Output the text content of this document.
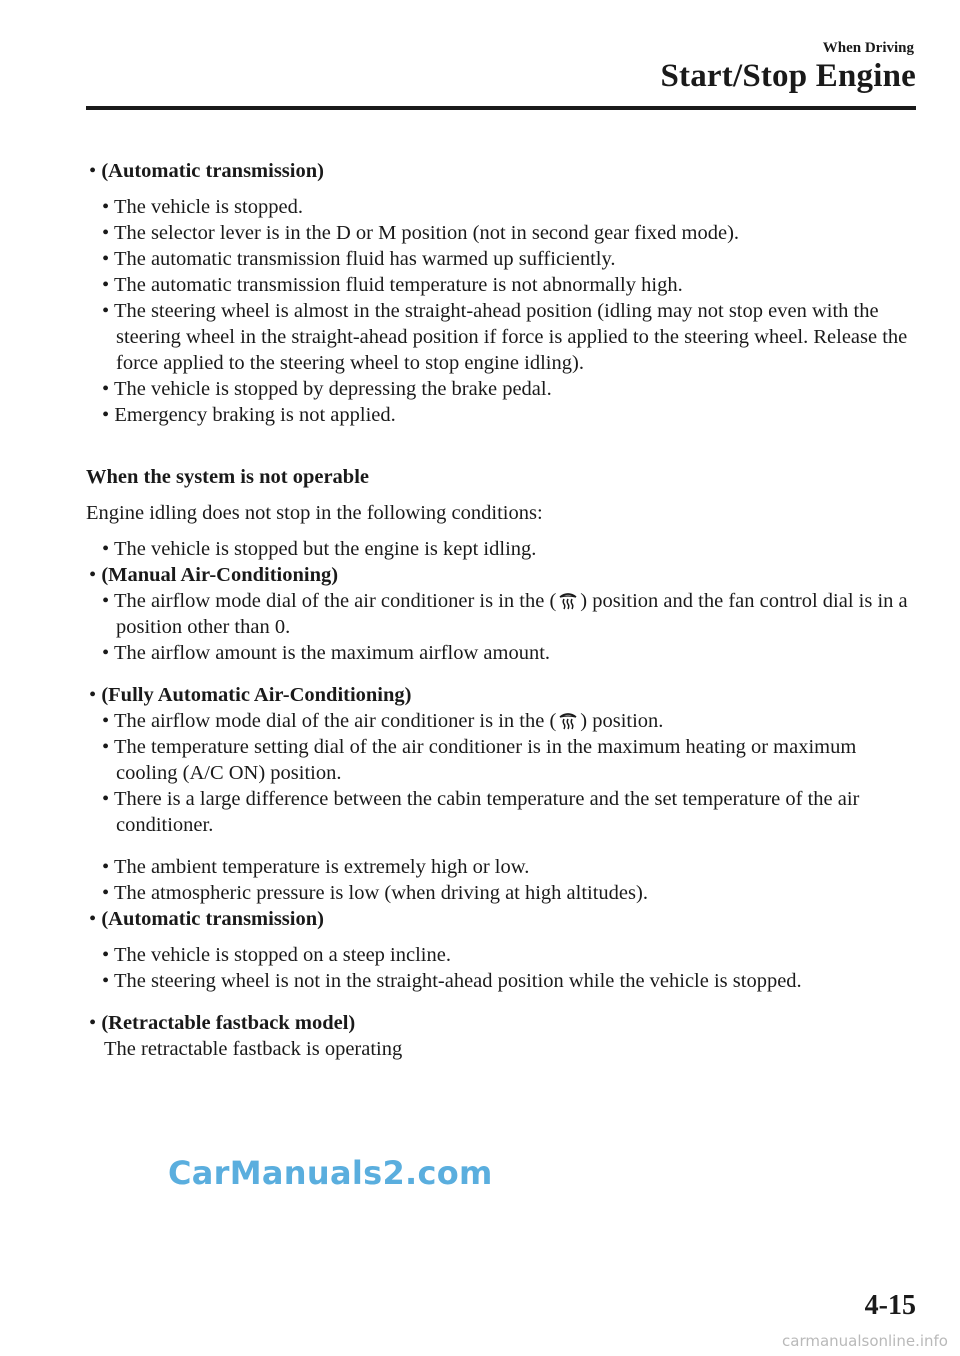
When Driving
Start/Stop Engine
• (Automatic transmission)
• The vehicle is stopped.
• The selector lever is in the D or M position (not in second gear fixed mode).
• The automatic transmission fluid has warmed up sufficiently.
• The automatic transmission fluid temperature is not abnormally high.
• The steering wheel is almost in the straight-ahead position (idling may not stop even with the steering wheel in the straight-ahead position if force is applied to the steering wheel. Release the force applied to the steering wheel to stop engine idling).
• The vehicle is stopped by depressing the brake pedal.
• Emergency braking is not applied.
When the system is not operable
Engine idling does not stop in the following conditions:
• The vehicle is stopped but the engine is kept idling.
• (Manual Air-Conditioning)
• The airflow mode dial of the air conditioner is in the ( ) position and the fan control dial is in a position other than 0.
• The airflow amount is the maximum airflow amount.
• (Fully Automatic Air-Conditioning)
• The airflow mode dial of the air conditioner is in the ( ) position.
• The temperature setting dial of the air conditioner is in the maximum heating or maximum cooling (A/C ON) position.
• There is a large difference between the cabin temperature and the set temperature of the air conditioner.
• The ambient temperature is extremely high or low.
• The atmospheric pressure is low (when driving at high altitudes).
• (Automatic transmission)
• The vehicle is stopped on a steep incline.
• The steering wheel is not in the straight-ahead position while the vehicle is stopped.
• (Retractable fastback model)
The retractable fastback is operating
CarManuals2.com
4-15
carmanualsonline.info
